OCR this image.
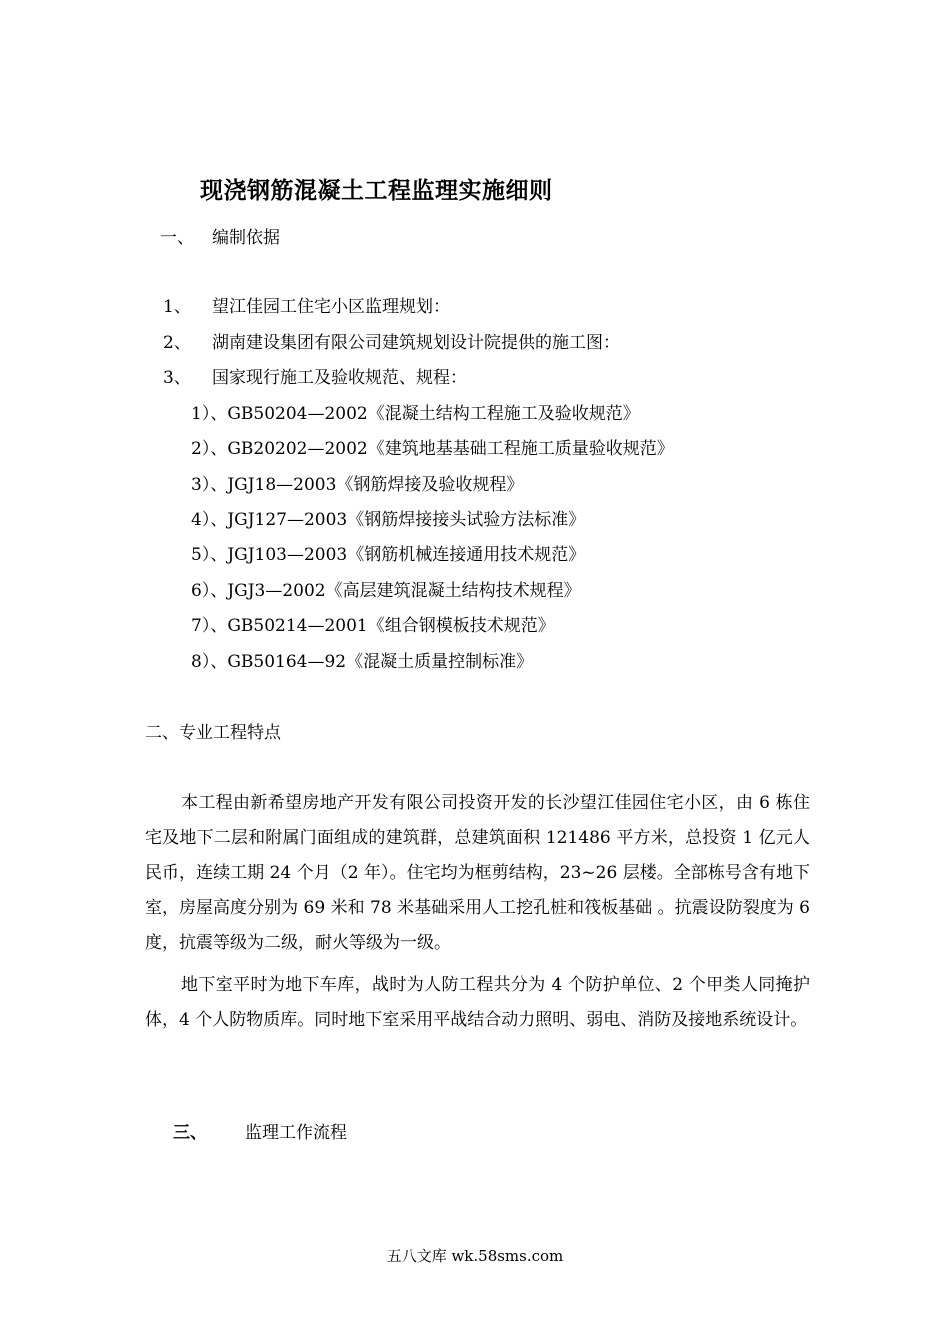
现浇钢筋混凝土工程监理实施细则
一、 编制依据
1、 望江佳园工住宅小区监理规划：
2、 湖南建设集团有限公司建筑规划设计院提供的施工图：
3、 国家现行施工及验收规范、规程：
1）、GB50204—2002《混凝土结构工程施工及验收规范》
2）、GB20202—2002《建筑地基基础工程施工质量验收规范》
3）、JGJ18—2003《钢筋焊接及验收规程》
4）、JGJ127—2003《钢筋焊接接头试验方法标准》
5）、JGJ103—2003《钢筋机械连接通用技术规范》
6）、JGJ3—2002《高层建筑混凝土结构技术规程》
7）、GB50214—2001《组合钢模板技术规范》
8）、GB50164—92《混凝土质量控制标准》
二、专业工程特点
本工程由新希望房地产开发有限公司投资开发的长沙望江佳园住宅小区，由 6 栋住宅及地下二层和附属门面组成的建筑群，总建筑面积 121486 平方米，总投资 1 亿元人民币，连续工期 24 个月（2 年）。住宅均为框剪结构，23~26 层楼。全部栋号含有地下室，房屋高度分别为 69 米和 78 米基础采用人工挖孔桩和筏板基础 。抗震设防裂度为 6 度，抗震等级为二级，耐火等级为一级。
地下室平时为地下车库，战时为人防工程共分为 4 个防护单位、2 个甲类人同掩护体，4 个人防物质库。同时地下室采用平战结合动力照明、弱电、消防及接地系统设计。
三、 监理工作流程
五八文库 wk.58sms.com
